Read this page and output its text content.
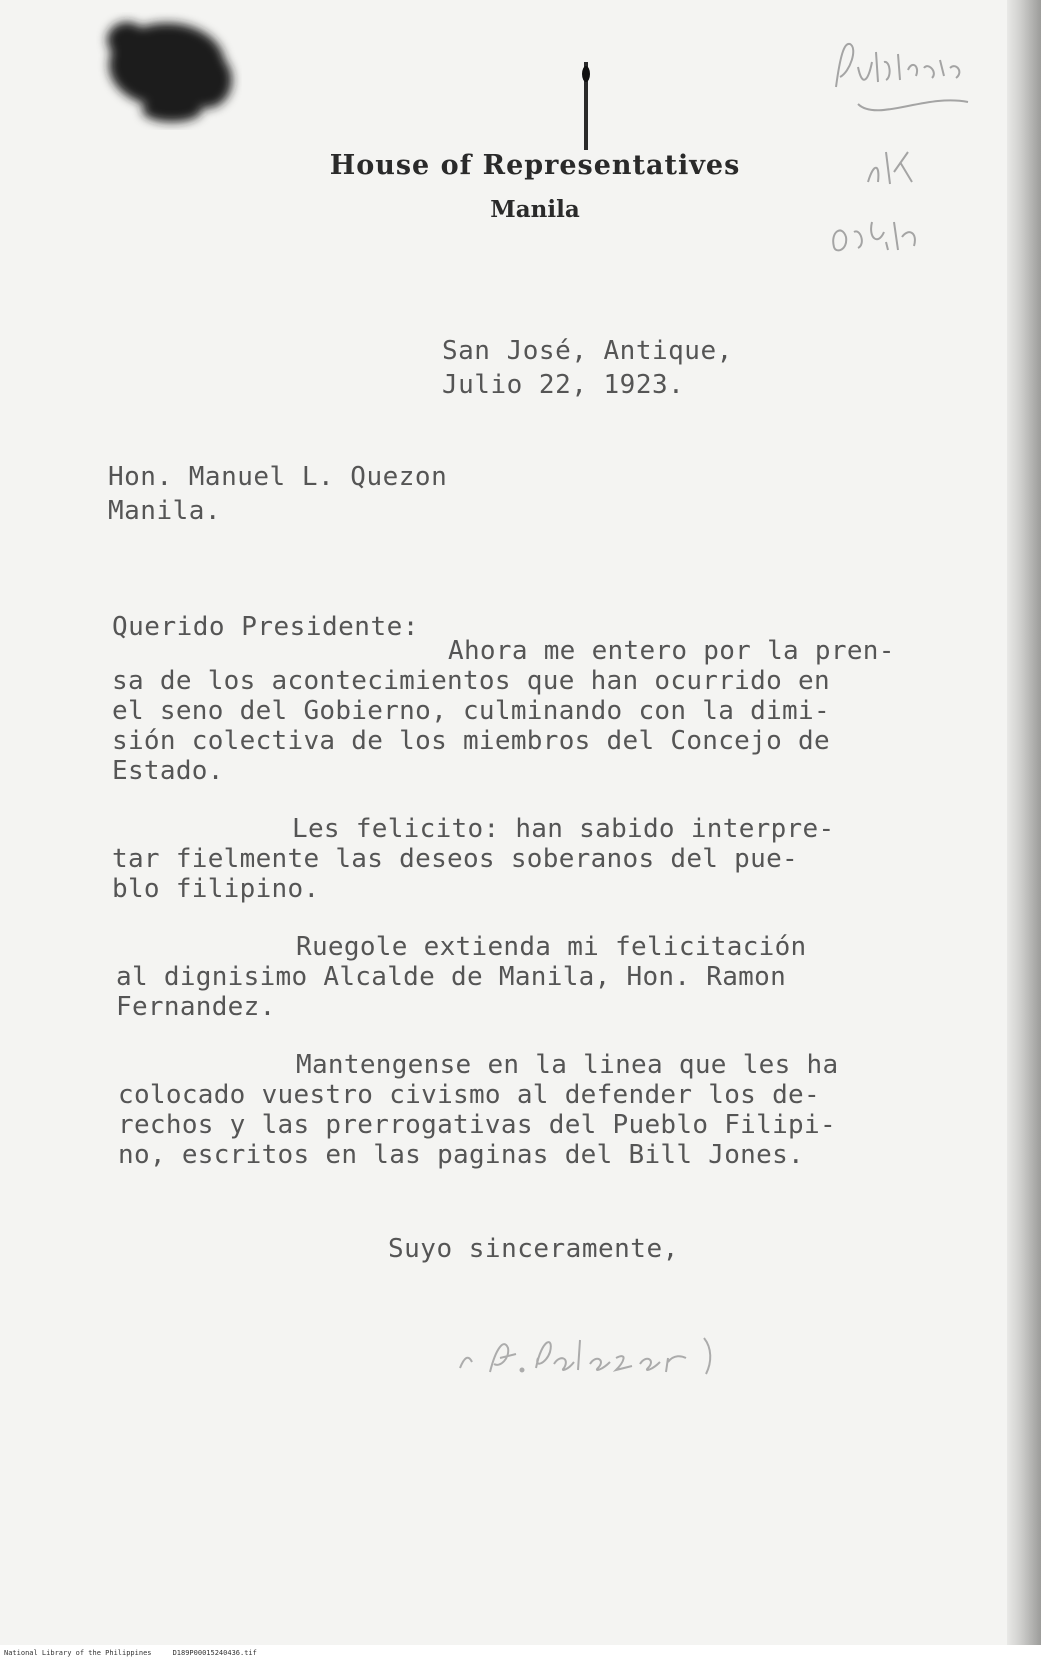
House of Representatives
Manila
San José, Antique,
Julio 22, 1923.
Hon. Manuel L. Quezon
Manila.
Querido Presidente:
Ahora me entero por la pren-
sa de los acontecimientos que han ocurrido en
el seno del Gobierno, culminando con la dimi-
sión colectiva de los miembros del Concejo de
Estado.
Les felicito: han sabido interpre-
tar fielmente las deseos soberanos del pue-
blo filipino.
Ruegole extienda mi felicitación
al dignisimo Alcalde de Manila, Hon. Ramon
Fernandez.
Mantengense en la linea que les ha
colocado vuestro civismo al defender los de-
rechos y las prerrogativas del Pueblo Filipi-
no, escritos en las paginas del Bill Jones.
Suyo sinceramente,
National Library of the Philippines     D189P00015240436.tif
